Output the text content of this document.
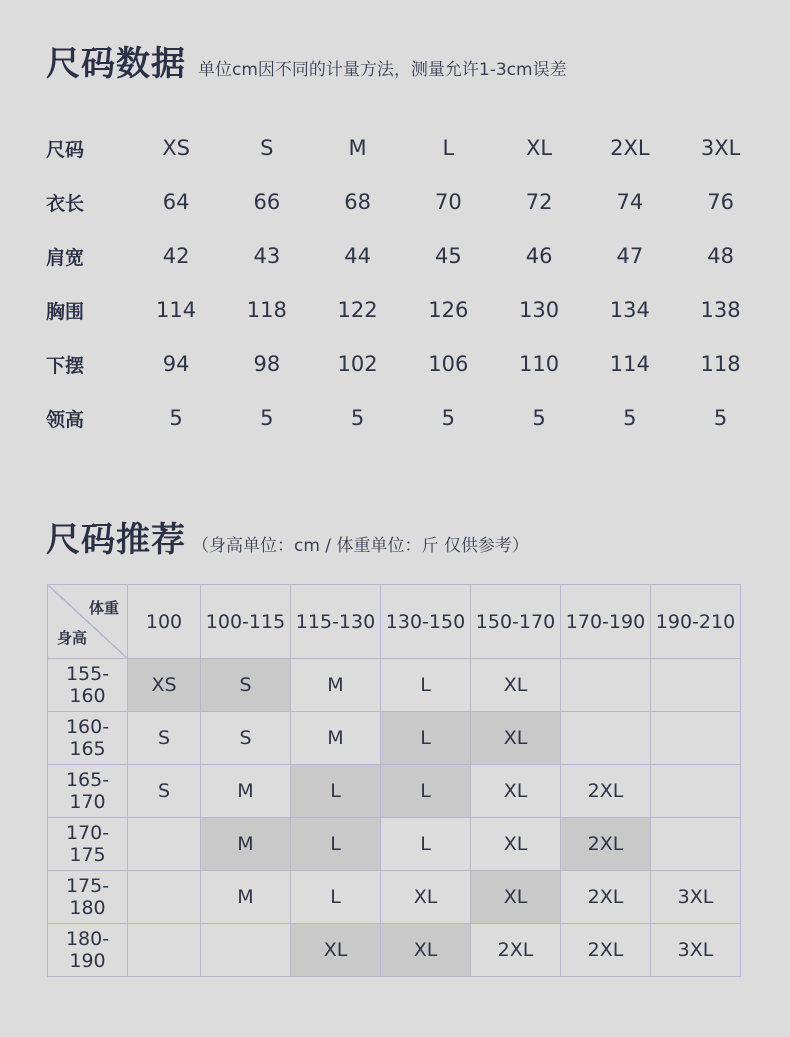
尺码数据 单位cm因不同的计量方法，测量允许1-3cm误差
尺码	XS	S	M	L	XL	2XL	3XL
衣长	64	66	68	70	72	74	76
肩宽	42	43	44	45	46	47	48
胸围	114	118	122	126	130	134	138
下摆	94	98	102	106	110	114	118
领高	5	5	5	5	5	5	5
尺码推荐 （身高单位：cm / 体重单位：斤 仅供参考）
体重
身高	100	100-115	115-130	130-150	150-170	170-190	190-210
155-160	XS	S	M	L	XL		
160-165	S	S	M	L	XL		
165-170	S	M	L	L	XL	2XL	
170-175		M	L	L	XL	2XL	
175-180		M	L	XL	XL	2XL	3XL
180-190			XL	XL	2XL	2XL	3XL
